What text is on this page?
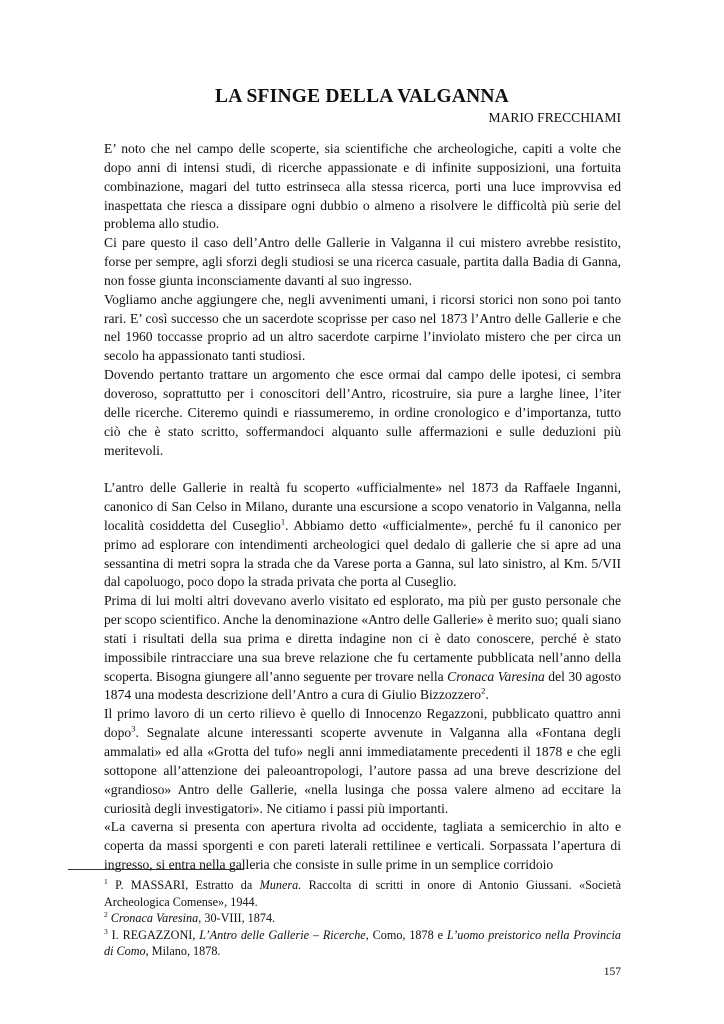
LA SFINGE DELLA VALGANNA
MARIO FRECCHIAMI

E’ noto che nel campo delle scoperte, sia scientifiche che archeologiche, capiti a volte che dopo anni di intensi studi, di ricerche appassionate e di infinite supposizioni, una fortuita combinazione, magari del tutto estrinseca alla stessa ricerca, porti una luce improvvisa ed inaspettata che riesca a dissipare ogni dubbio o almeno a risolvere le difficoltà più serie del problema allo studio.

Ci pare questo il caso dell’Antro delle Gallerie in Valganna il cui mistero avrebbe resistito, forse per sempre, agli sforzi degli studiosi se una ricerca casuale, partita dalla Badia di Ganna, non fosse giunta inconsciamente davanti al suo ingresso.

Vogliamo anche aggiungere che, negli avvenimenti umani, i ricorsi storici non sono poi tanto rari. E’ così successo che un sacerdote scoprisse per caso nel 1873 l’Antro delle Gallerie e che nel 1960 toccasse proprio ad un altro sacerdote carpirne l’inviolato mistero che per circa un secolo ha appassionato tanti studiosi.

Dovendo pertanto trattare un argomento che esce ormai dal campo delle ipotesi, ci sembra doveroso, soprattutto per i conoscitori dell’Antro, ricostruire, sia pure a larghe linee, l’iter delle ricerche. Citeremo quindi e riassumeremo, in ordine cronologico e d’importanza, tutto ciò che è stato scritto, soffermandoci alquanto sulle affermazioni e sulle deduzioni più meritevoli.

L’antro delle Gallerie in realtà fu scoperto «ufficialmente» nel 1873 da Raffaele Inganni, canonico di San Celso in Milano, durante una escursione a scopo venatorio in Valganna, nella località cosiddetta del Cuseglio$^1$. Abbiamo detto «ufficialmente», perché fu il canonico per primo ad esplorare con intendimenti archeologici quel dedalo di gallerie che si apre ad una sessantina di metri sopra la strada che da Varese porta a Ganna, sul lato sinistro, al Km. 5/VII dal capoluogo, poco dopo la strada privata che porta al Cuseglio.

Prima di lui molti altri dovevano averlo visitato ed esplorato, ma più per gusto personale che per scopo scientifico. Anche la denominazione «Antro delle Gallerie» è merito suo; quali siano stati i risultati della sua prima e diretta indagine non ci è dato conoscere, perché è stato impossibile rintracciare una sua breve relazione che fu certamente pubblicata nell’anno della scoperta. Bisogna giungere all’anno seguente per trovare nella Cronaca Varesina del 30 agosto 1874 una modesta descrizione dell’Antro a cura di Giulio Bizzozzero$^2$.

Il primo lavoro di un certo rilievo è quello di Innocenzo Regazzoni, pubblicato quattro anni dopo$^3$. Segnalate alcune interessanti scoperte avvenute in Valganna alla «Fontana degli ammalati» ed alla «Grotta del tufo» negli anni immediatamente precedenti il 1878 e che egli sottopone all’attenzione dei paleoantropologi, l’autore passa ad una breve descrizione del «grandioso» Antro delle Gallerie, «nella lusinga che possa valere almeno ad eccitare la curiosità degli investigatori». Ne citiamo i passi più importanti.

«La caverna si presenta con apertura rivolta ad occidente, tagliata a semicerchio in alto e coperta da massi sporgenti e con pareti laterali rettilinee e verticali. Sorpassata l’apertura di ingresso, si entra nella galleria che consiste in sulle prime in un semplice corridoio

$^1$ P. MASSARI, Estratto da Munera. Raccolta di scritti in onore di Antonio Giussani. «Società Archeologica Comense», 1944.

$^2$ Cronaca Varesina, 30-VIII, 1874.

$^3$ I. REGAZZONI, L’Antro delle Gallerie – Ricerche, Como, 1878 e L’uomo preistorico nella Provincia di Como, Milano, 1878.

157
